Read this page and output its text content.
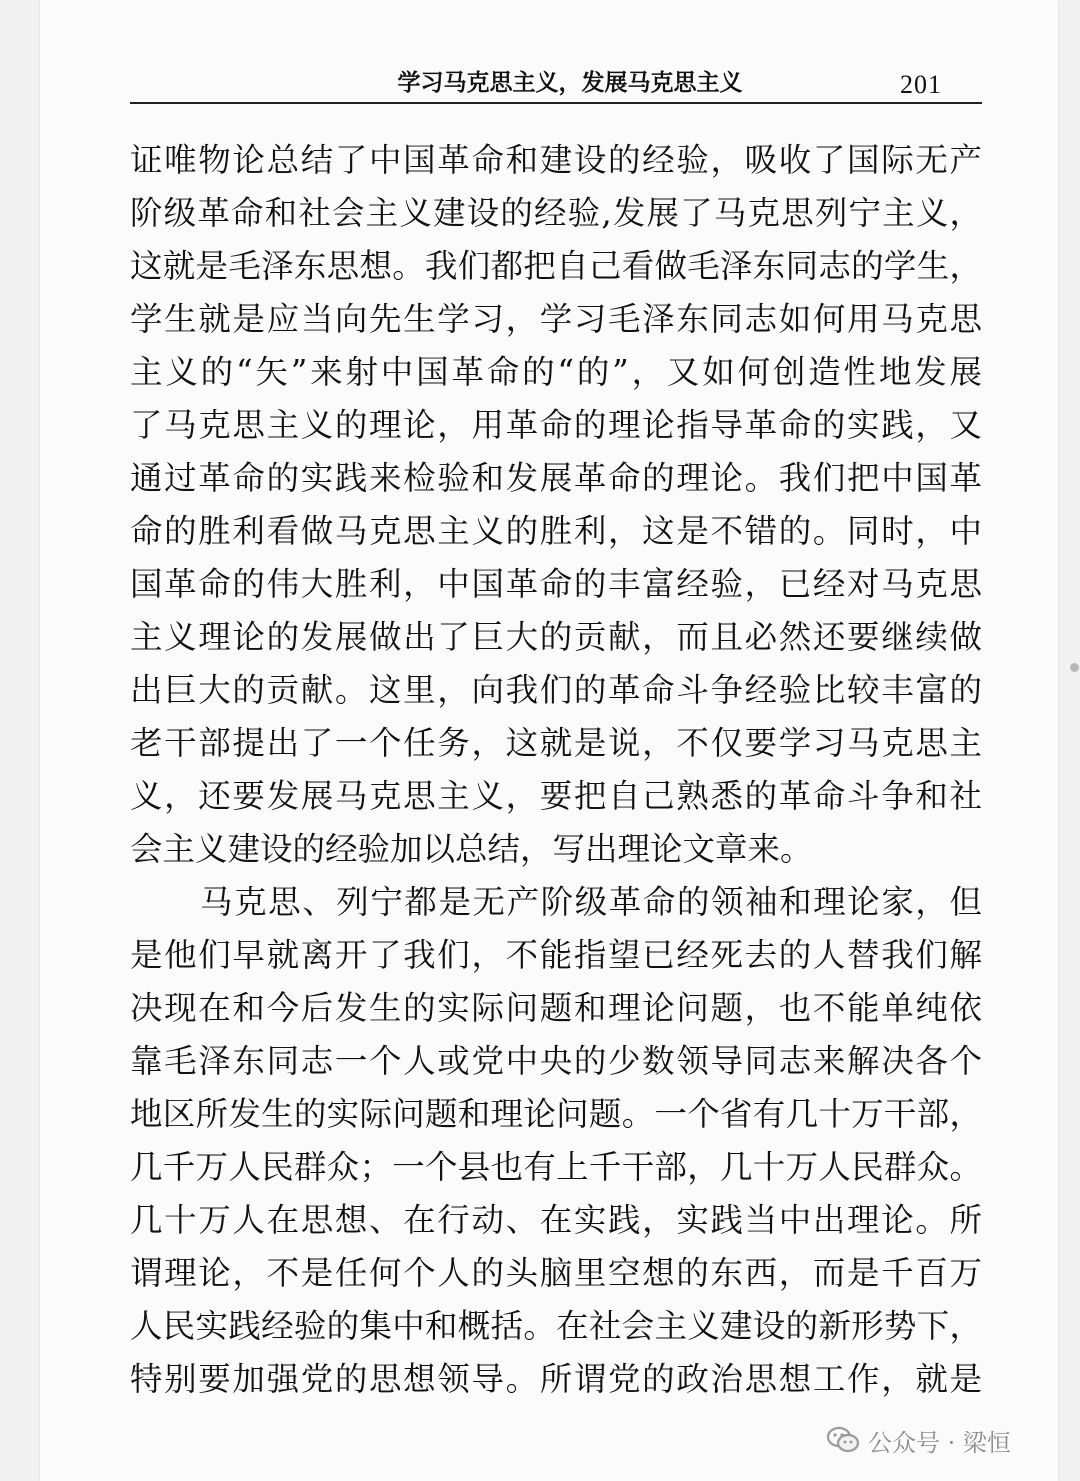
学习马克思主义，发展马克思主义	201
证唯物论总结了中国革命和建设的经验，吸收了国际无产
阶级革命和社会主义建设的经验,发展了马克思列宁主义，
这就是毛泽东思想。我们都把自己看做毛泽东同志的学生，
学生就是应当向先生学习，学习毛泽东同志如何用马克思
主义的“矢”来射中国革命的“的”，又如何创造性地发展
了马克思主义的理论，用革命的理论指导革命的实践，又
通过革命的实践来检验和发展革命的理论。我们把中国革
命的胜利看做马克思主义的胜利，这是不错的。同时，中
国革命的伟大胜利，中国革命的丰富经验，已经对马克思
主义理论的发展做出了巨大的贡献，而且必然还要继续做
出巨大的贡献。这里，向我们的革命斗争经验比较丰富的
老干部提出了一个任务，这就是说，不仅要学习马克思主
义，还要发展马克思主义，要把自己熟悉的革命斗争和社
会主义建设的经验加以总结，写出理论文章来。
马克思、列宁都是无产阶级革命的领袖和理论家，但
是他们早就离开了我们，不能指望已经死去的人替我们解
决现在和今后发生的实际问题和理论问题，也不能单纯依
靠毛泽东同志一个人或党中央的少数领导同志来解决各个
地区所发生的实际问题和理论问题。一个省有几十万干部，
几千万人民群众；一个县也有上千干部，几十万人民群众。
几十万人在思想、在行动、在实践，实践当中出理论。所
谓理论，不是任何个人的头脑里空想的东西，而是千百万
人民实践经验的集中和概括。在社会主义建设的新形势下，
特别要加强党的思想领导。所谓党的政治思想工作，就是
公众号 · 梁恒
